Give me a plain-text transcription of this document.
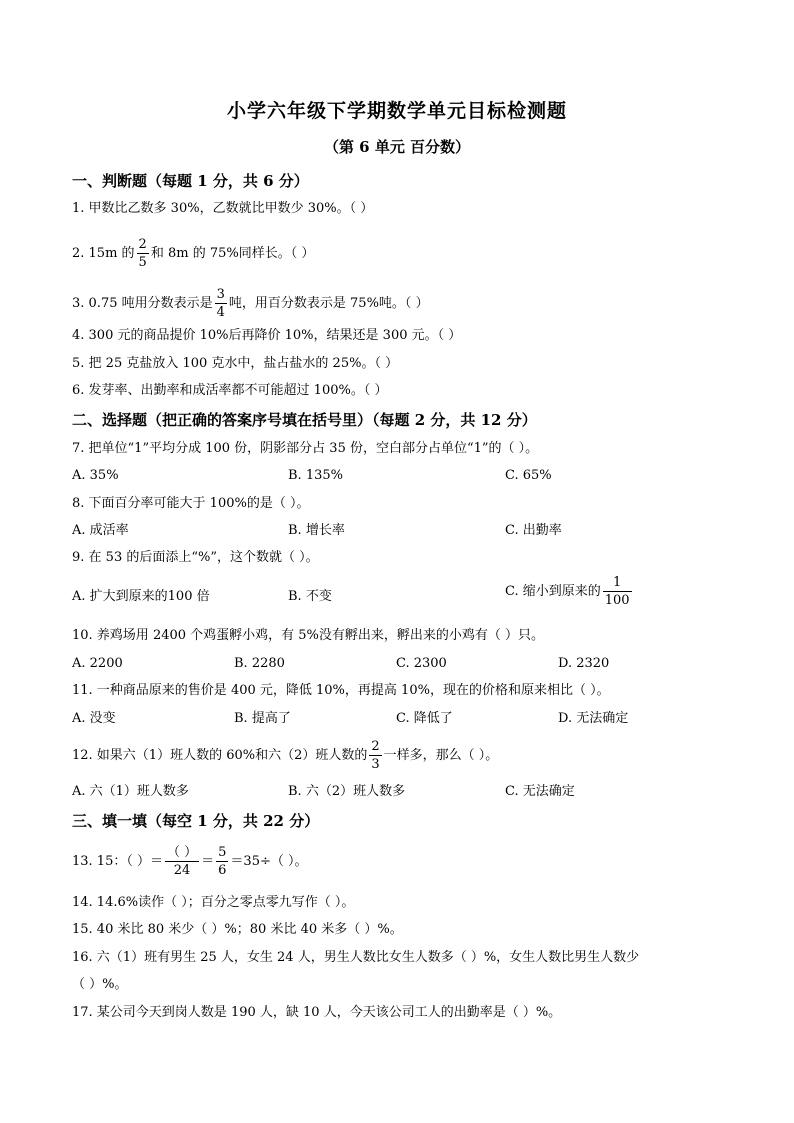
小学六年级下学期数学单元目标检测题
（第 6 单元 百分数）
一、判断题（每题 1 分，共 6 分）
1. 甲数比乙数多 30%，乙数就比甲数少 30%。（ ）
2. 15m 的 $\frac{2}{5}$ 和 8m 的 75%同样长。（ ）
3. 0.75 吨用分数表示是 $\frac{3}{4}$ 吨，用百分数表示是 75%吨。（ ）
4. 300 元的商品提价 10%后再降价 10%，结果还是 300 元。（ ）
5. 把 25 克盐放入 100 克水中，盐占盐水的 25%。（ ）
6. 发芽率、出勤率和成活率都不可能超过 100%。（ ）
二、选择题（把正确的答案序号填在括号里）（每题 2 分，共 12 分）
7. 把单位“1”平均分成 100 份，阴影部分占 35 份，空白部分占单位“1”的（ ）。
A. 35%	B. 135%	C. 65%
8. 下面百分率可能大于 100%的是（ ）。
A. 成活率	B. 增长率	C. 出勤率
9. 在 53 的后面添上“%”，这个数就（ ）。
A. 扩大到原来的100 倍	B. 不变	C. 缩小到原来的 $\frac{1}{100}$
10. 养鸡场用 2400 个鸡蛋孵小鸡，有 5%没有孵出来，孵出来的小鸡有（ ）只。
A. 2200	B. 2280	C. 2300	D. 2320
11. 一种商品原来的售价是 400 元，降低 10%，再提高 10%，现在的价格和原来相比（ ）。
A. 没变	B. 提高了	C. 降低了	D. 无法确定
12. 如果六（1）班人数的 60%和六（2）班人数的 $\frac{2}{3}$ 一样多，那么（ ）。
A. 六（1）班人数多	B. 六（2）班人数多	C. 无法确定
三、填一填（每空 1 分，共 22 分）
13. 15：（ ）＝ $\frac{( )}{24} = \frac{5}{6} =35\div$（ ）。
14. 14.6%读作（ ）；百分之零点零九写作（ ）。
15. 40 米比 80 米少（ ）%；80 米比 40 米多（ ）%。
16. 六（1）班有男生 25 人，女生 24 人，男生人数比女生人数多（ ）%，女生人数比男生人数少
（ ）%。
17. 某公司今天到岗人数是 190 人，缺 10 人，今天该公司工人的出勤率是（ ）%。
